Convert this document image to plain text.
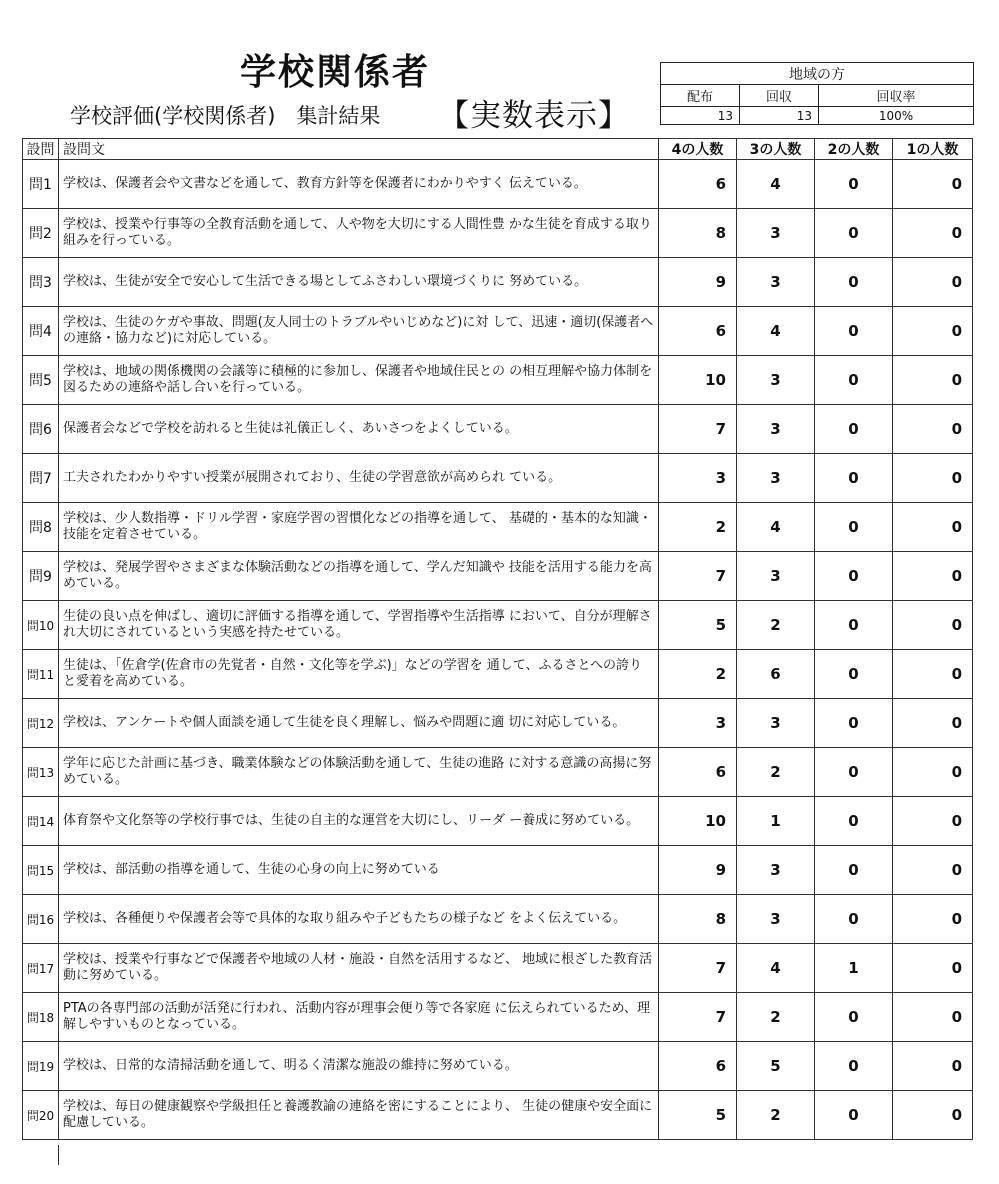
学校関係者
学校評価(学校関係者)　集計結果 【実数表示】
地域の方		
配布	回収	回収率
13	13	100%
設問	設問文	4の人数	3の人数	2の人数	1の人数
問1	学校は、保護者会や文書などを通して、教育方針等を保護者にわかりやすく 伝えている。	6	4	0	0
問2	学校は、授業や行事等の全教育活動を通して、人や物を大切にする人間性豊 かな生徒を育成する取り組みを行っている。	8	3	0	0
問3	学校は、生徒が安全で安心して生活できる場としてふさわしい環境づくりに 努めている。	9	3	0	0
問4	学校は、生徒のケガや事故、問題(友人同士のトラブルやいじめなど)に対 して、迅速・適切(保護者への連絡・協力など)に対応している。	6	4	0	0
問5	学校は、地域の関係機関の会議等に積極的に参加し、保護者や地域住民との の相互理解や協力体制を図るための連絡や話し合いを行っている。	10	3	0	0
問6	保護者会などで学校を訪れると生徒は礼儀正しく、あいさつをよくしている。	7	3	0	0
問7	工夫されたわかりやすい授業が展開されており、生徒の学習意欲が高められ ている。	3	3	0	0
問8	学校は、少人数指導・ドリル学習・家庭学習の習慣化などの指導を通して、 基礎的・基本的な知識・技能を定着させている。	2	4	0	0
問9	学校は、発展学習やさまざまな体験活動などの指導を通して、学んだ知識や 技能を活用する能力を高めている。	7	3	0	0
問10	生徒の良い点を伸ばし、適切に評価する指導を通して、学習指導や生活指導 において、自分が理解され大切にされているという実感を持たせている。	5	2	0	0
問11	生徒は、「佐倉学(佐倉市の先覚者・自然・文化等を学ぶ)」などの学習を 通して、ふるさとへの誇りと愛着を高めている。	2	6	0	0
問12	学校は、アンケートや個人面談を通して生徒を良く理解し、悩みや問題に適 切に対応している。	3	3	0	0
問13	学年に応じた計画に基づき、職業体験などの体験活動を通して、生徒の進路 に対する意識の高揚に努めている。	6	2	0	0
問14	体育祭や文化祭等の学校行事では、生徒の自主的な運営を大切にし、リーダ ー養成に努めている。	10	1	0	0
問15	学校は、部活動の指導を通して、生徒の心身の向上に努めている	9	3	0	0
問16	学校は、各種便りや保護者会等で具体的な取り組みや子どもたちの様子など をよく伝えている。	8	3	0	0
問17	学校は、授業や行事などで保護者や地域の人材・施設・自然を活用するなど、 地域に根ざした教育活動に努めている。	7	4	1	0
問18	PTAの各専門部の活動が活発に行われ、活動内容が理事会便り等で各家庭 に伝えられているため、理解しやすいものとなっている。	7	2	0	0
問19	学校は、日常的な清掃活動を通して、明るく清潔な施設の維持に努めている。	6	5	0	0
問20	学校は、毎日の健康観察や学級担任と養護教諭の連絡を密にすることにより、 生徒の健康や安全面に配慮している。	5	2	0	0
